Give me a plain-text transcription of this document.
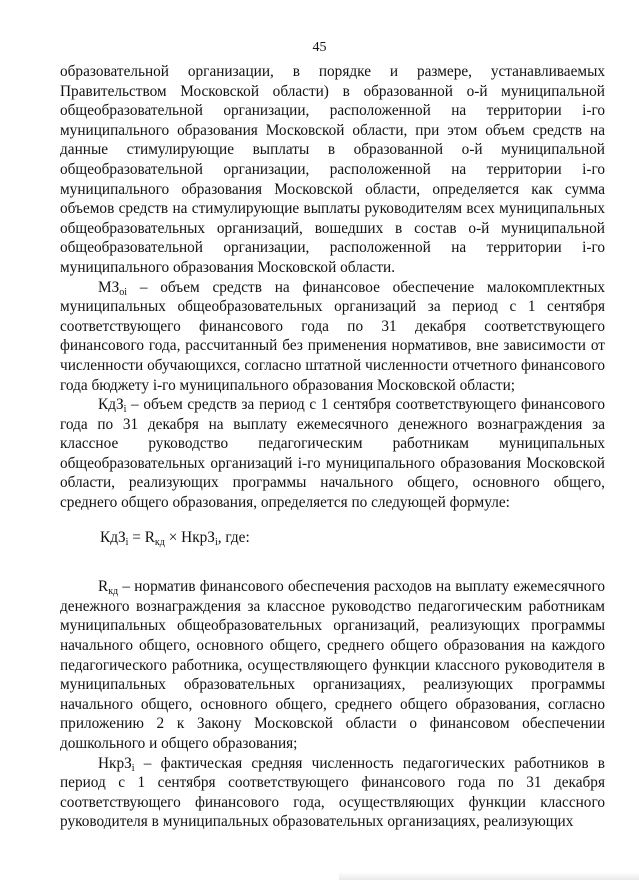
45

образовательной организации, в порядке и размере, устанавливаемых Правительством Московской области) в образованной о-й муниципальной общеобразовательной организации, расположенной на территории i-го муниципального образования Московской области, при этом объем средств на данные стимулирующие выплаты в образованной о-й муниципальной общеобразовательной организации, расположенной на территории i-го муниципального образования Московской области, определяется как сумма объемов средств на стимулирующие выплаты руководителям всех муниципальных общеобразовательных организаций, вошедших в состав о-й муниципальной общеобразовательной организации, расположенной на территории i-го муниципального образования Московской области.

$МЗ_{оi}$ – объем средств на финансовое обеспечение малокомплектных муниципальных общеобразовательных организаций за период с 1 сентября соответствующего финансового года по 31 декабря соответствующего финансового года, рассчитанный без применения нормативов, вне зависимости от численности обучающихся, согласно штатной численности отчетного финансового года бюджету i-го муниципального образования Московской области;

КдЗ$_i$ – объем средств за период с 1 сентября соответствующего финансового года по 31 декабря на выплату ежемесячного денежного вознаграждения за классное руководство педагогическим работникам муниципальных общеобразовательных организаций i-го муниципального образования Московской области, реализующих программы начального общего, основного общего, среднего общего образования, определяется по следующей формуле:

$КдЗ_i = R_{кд}$ × НкрЗ$_i$, где:

$R_{кд}$ – норматив финансового обеспечения расходов на выплату ежемесячного денежного вознаграждения за классное руководство педагогическим работникам муниципальных общеобразовательных организаций, реализующих программы начального общего, основного общего, среднего общего образования на каждого педагогического работника, осуществляющего функции классного руководителя в муниципальных образовательных организациях, реализующих программы начального общего, основного общего, среднего общего образования, согласно приложению 2 к Закону Московской области о финансовом обеспечении дошкольного и общего образования;

НкрЗ$_i$ – фактическая средняя численность педагогических работников в период с 1 сентября соответствующего финансового года по 31 декабря соответствующего финансового года, осуществляющих функции классного руководителя в муниципальных образовательных организациях, реализующих
